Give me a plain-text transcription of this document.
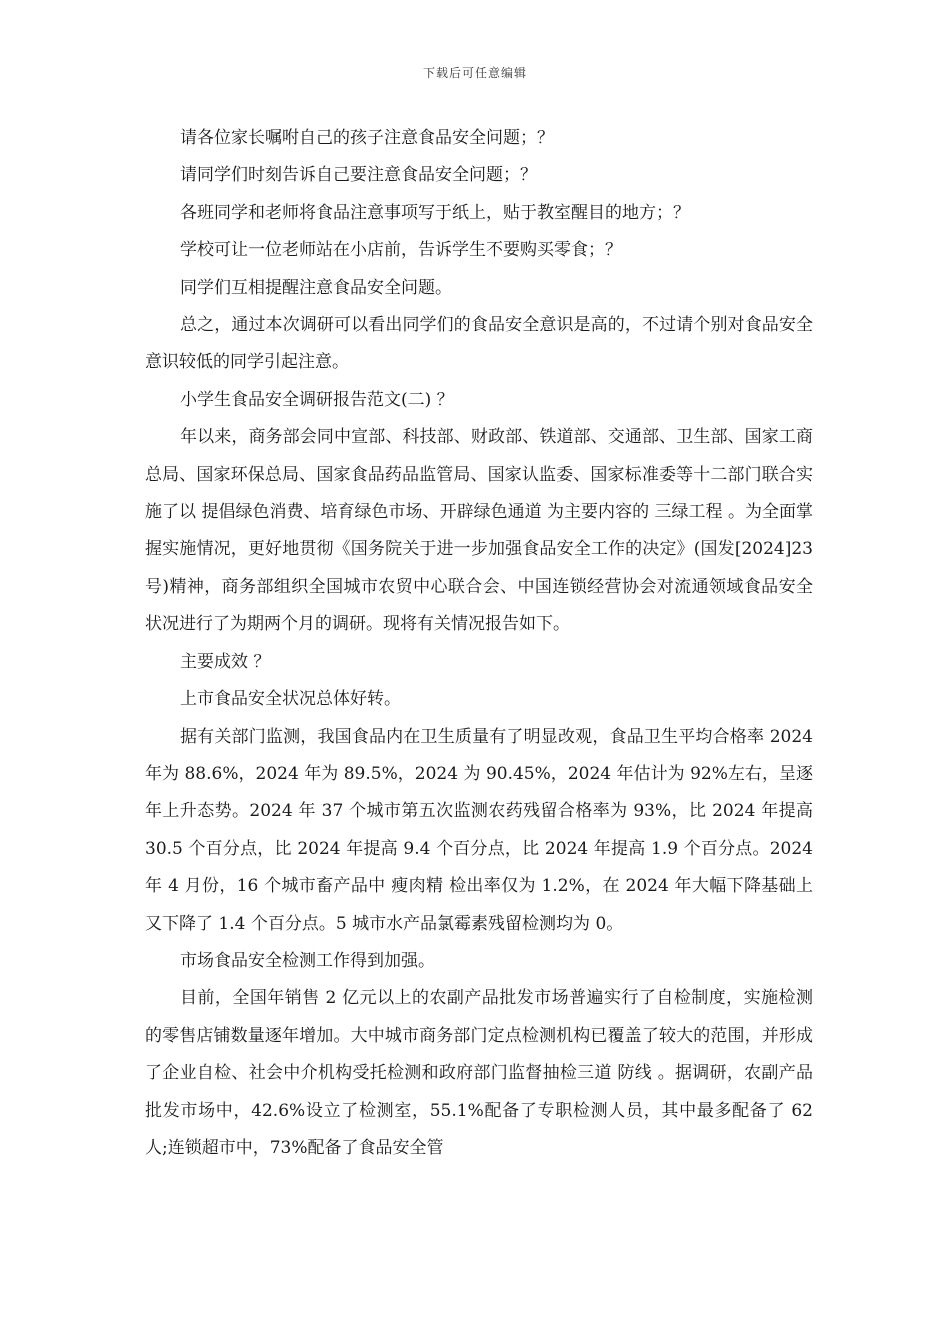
下载后可任意编辑

请各位家长嘱咐自己的孩子注意食品安全问题；？

请同学们时刻告诉自己要注意食品安全问题；？

各班同学和老师将食品注意事项写于纸上，贴于教室醒目的地方；？

学校可让一位老师站在小店前，告诉学生不要购买零食；？

同学们互相提醒注意食品安全问题。

总之，通过本次调研可以看出同学们的食品安全意识是高的，不过请个别对食品安全意识较低的同学引起注意。

小学生食品安全调研报告范文(二) ？

年以来，商务部会同中宣部、科技部、财政部、铁道部、交通部、卫生部、国家工商总局、国家环保总局、国家食品药品监管局、国家认监委、国家标准委等十二部门联合实施了以 提倡绿色消费、培育绿色市场、开辟绿色通道 为主要内容的 三绿工程 。为全面掌握实施情况，更好地贯彻《国务院关于进一步加强食品安全工作的决定》(国发[2024]23号)精神，商务部组织全国城市农贸中心联合会、中国连锁经营协会对流通领域食品安全状况进行了为期两个月的调研。现将有关情况报告如下。

主要成效 ？

上市食品安全状况总体好转。

据有关部门监测，我国食品内在卫生质量有了明显改观，食品卫生平均合格率 2024 年为 88.6%，2024 年为 89.5%，2024 为 90.45%，2024 年估计为 92%左右，呈逐年上升态势。2024 年 37 个城市第五次监测农药残留合格率为 93%，比 2024 年提高 30.5 个百分点，比 2024 年提高 9.4 个百分点，比 2024 年提高 1.9 个百分点。2024 年 4 月份，16 个城市畜产品中 瘦肉精 检出率仅为 1.2%，在 2024 年大幅下降基础上又下降了 1.4 个百分点。5 城市水产品氯霉素残留检测均为 0。

市场食品安全检测工作得到加强。

目前，全国年销售 2 亿元以上的农副产品批发市场普遍实行了自检制度，实施检测的零售店铺数量逐年增加。大中城市商务部门定点检测机构已覆盖了较大的范围，并形成了企业自检、社会中介机构受托检测和政府部门监督抽检三道 防线 。据调研，农副产品批发市场中，42.6%设立了检测室，55.1%配备了专职检测人员，其中最多配备了 62 人;连锁超市中，73%配备了食品安全管
